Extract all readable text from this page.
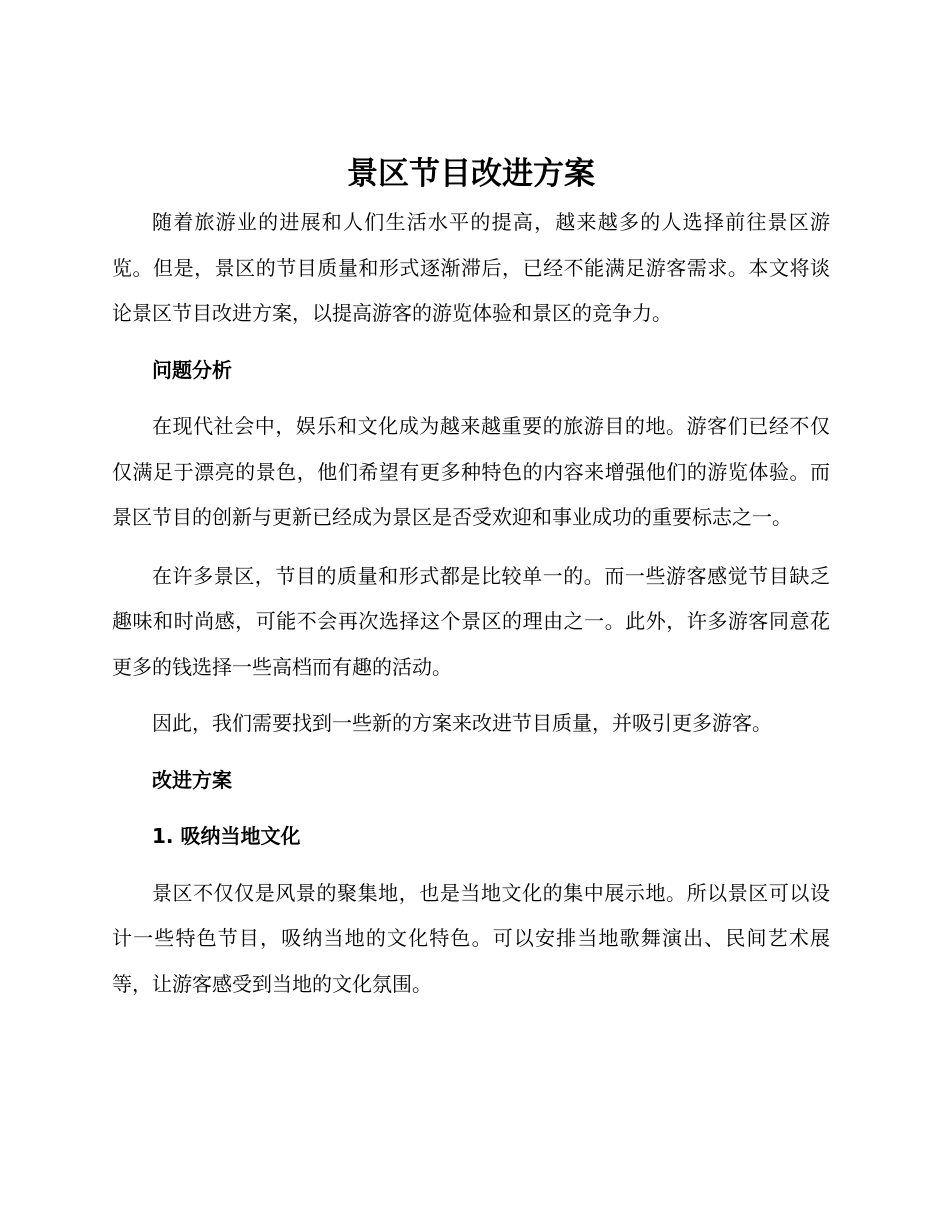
景区节目改进方案

随着旅游业的进展和人们生活水平的提高，越来越多的人选择前往景区游览。但是，景区的节目质量和形式逐渐滞后，已经不能满足游客需求。本文将谈论景区节目改进方案，以提高游客的游览体验和景区的竞争力。

问题分析

在现代社会中，娱乐和文化成为越来越重要的旅游目的地。游客们已经不仅仅满足于漂亮的景色，他们希望有更多种特色的内容来增强他们的游览体验。而景区节目的创新与更新已经成为景区是否受欢迎和事业成功的重要标志之一。

在许多景区，节目的质量和形式都是比较单一的。而一些游客感觉节目缺乏趣味和时尚感，可能不会再次选择这个景区的理由之一。此外，许多游客同意花更多的钱选择一些高档而有趣的活动。

因此，我们需要找到一些新的方案来改进节目质量，并吸引更多游客。

改进方案
1. 吸纳当地文化

景区不仅仅是风景的聚集地，也是当地文化的集中展示地。所以景区可以设计一些特色节目，吸纳当地的文化特色。可以安排当地歌舞演出、民间艺术展等，让游客感受到当地的文化氛围。
